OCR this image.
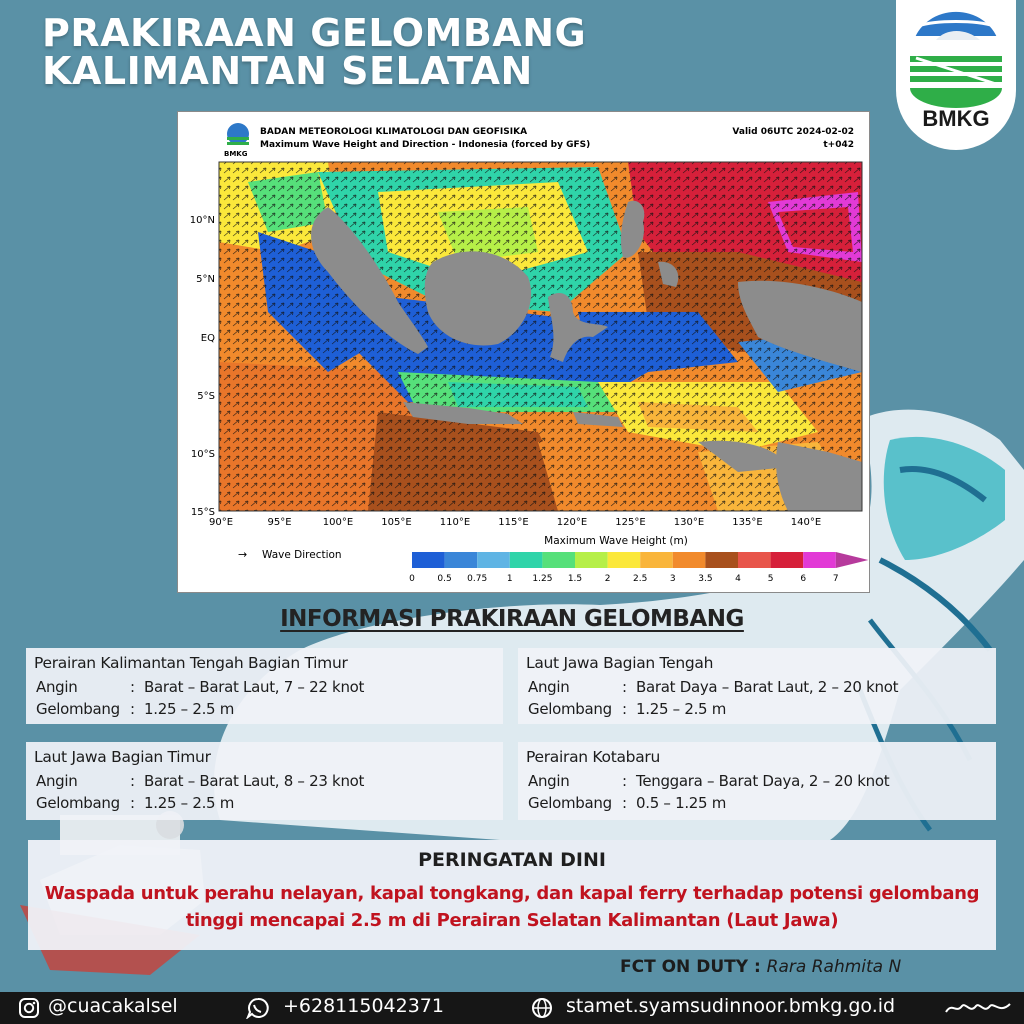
PRAKIRAAN GELOMBANG
KALIMANTAN SELATAN
BMKG
BMKG
BADAN METEOROLOGI KLIMATOLOGI DAN GEOFISIKA
Maximum Wave Height and Direction - Indonesia (forced by GFS)
Valid 06UTC 2024-02-02
t+042
10°N
5°N
EQ
5°S
10°S
15°S
90°E	95°E	100°E	105°E	110°E	115°E	120°E	125°E	130°E	135°E	140°E
→ Wave Direction
Maximum Wave Height (m)
0	0.5 0.75 1 1.25 1.5	2	2.5	3	3.5	4	5	6	7
INFORMASI PRAKIRAAN GELOMBANG
Perairan Kalimantan Tengah Bagian Timur
Angin	: Barat – Barat Laut, 7 – 22 knot
Gelombang : 1.25 – 2.5 m
Laut Jawa Bagian Tengah
Angin	: Barat Daya – Barat Laut, 2 – 20 knot
Gelombang : 1.25 – 2.5 m
Laut Jawa Bagian Timur
Angin	: Barat – Barat Laut, 8 – 23 knot
Gelombang : 1.25 – 2.5 m
Perairan Kotabaru
Angin	: Tenggara – Barat Daya, 2 – 20 knot
Gelombang : 0.5 – 1.25 m
PERINGATAN DINI
Waspada untuk perahu nelayan, kapal tongkang, dan kapal ferry terhadap potensi gelombang tinggi mencapai 2.5 m di Perairan Selatan Kalimantan (Laut Jawa)
FCT ON DUTY : Rara Rahmita N
@cuacakalsel	+628115042371	stamet.syamsudinnoor.bmkg.go.id
